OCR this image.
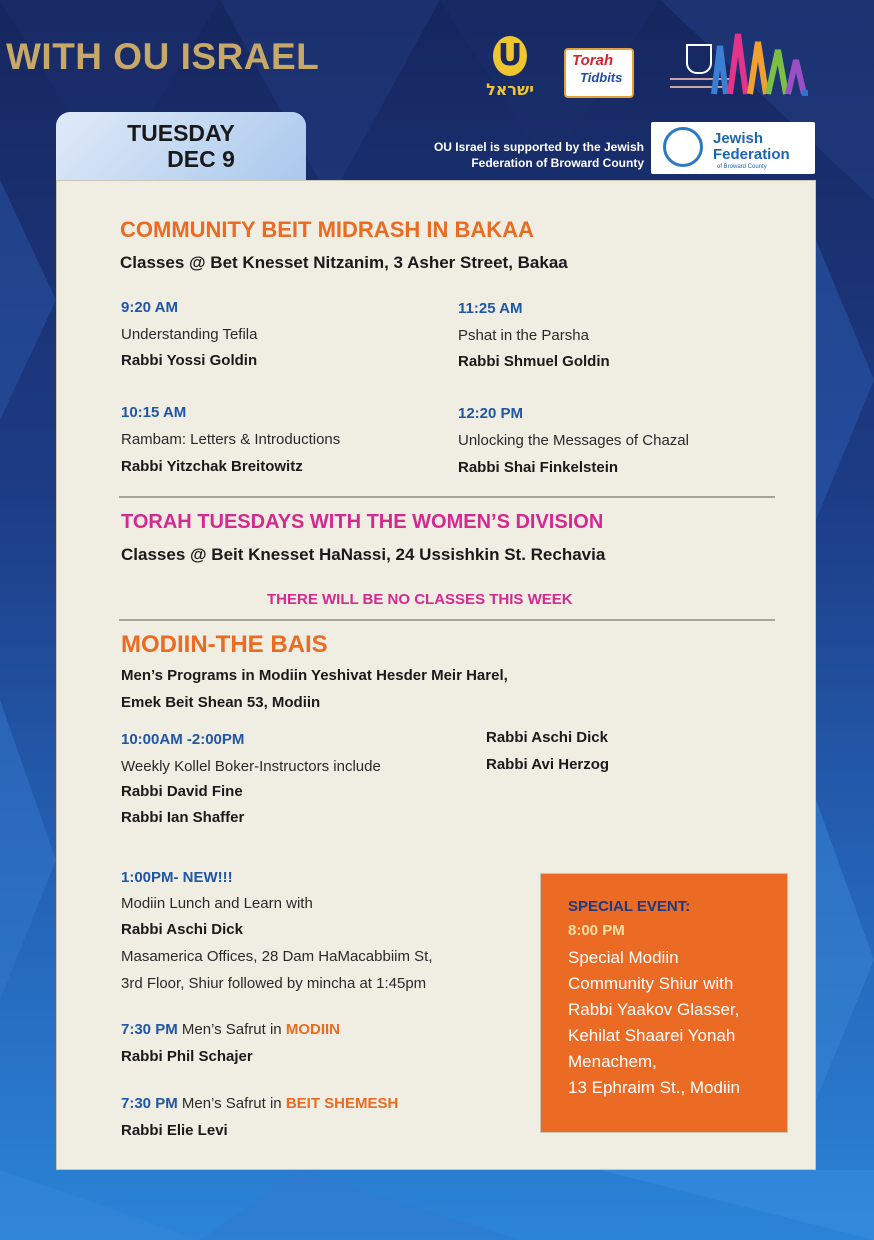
WITH OU ISRAEL	U
ישראל
Torah
Tidbits
TUESDAY
DEC 9	OU Israel is supported by the Jewish
Federation of Broward County
Jewish
Federation
of Broward County
COMMUNITY BEIT MIDRASH IN BAKAA
Classes @ Bet Knesset Nitzanim, 3 Asher Street, Bakaa
9:20 AM
Understanding Tefila
Rabbi Yossi Goldin
11:25 AM
Pshat in the Parsha
Rabbi Shmuel Goldin
10:15 AM
Rambam: Letters & Introductions
Rabbi Yitzchak Breitowitz
12:20 PM
Unlocking the Messages of Chazal
Rabbi Shai Finkelstein
TORAH TUESDAYS WITH THE WOMEN’S DIVISION
Classes @ Beit Knesset HaNassi, 24 Ussishkin St. Rechavia
THERE WILL BE NO CLASSES THIS WEEK
MODIIN-THE BAIS
Men’s Programs in Modiin Yeshivat Hesder Meir Harel,
Emek Beit Shean 53, Modiin
10:00AM -2:00PM
Weekly Kollel Boker-Instructors include
Rabbi David Fine
Rabbi Ian Shaffer
Rabbi Aschi Dick
Rabbi Avi Herzog
1:00PM- NEW!!!
Modiin Lunch and Learn with
Rabbi Aschi Dick
Masamerica Offices, 28 Dam HaMacabbiim St,
3rd Floor, Shiur followed by mincha at 1:45pm
7:30 PM Men’s Safrut in MODIIN
Rabbi Phil Schajer
7:30 PM Men’s Safrut in BEIT SHEMESH
Rabbi Elie Levi
SPECIAL EVENT:
8:00 PM
Special Modiin
Community Shiur with
Rabbi Yaakov Glasser,
Kehilat Shaarei Yonah
Menachem,
13 Ephraim St., Modiin
